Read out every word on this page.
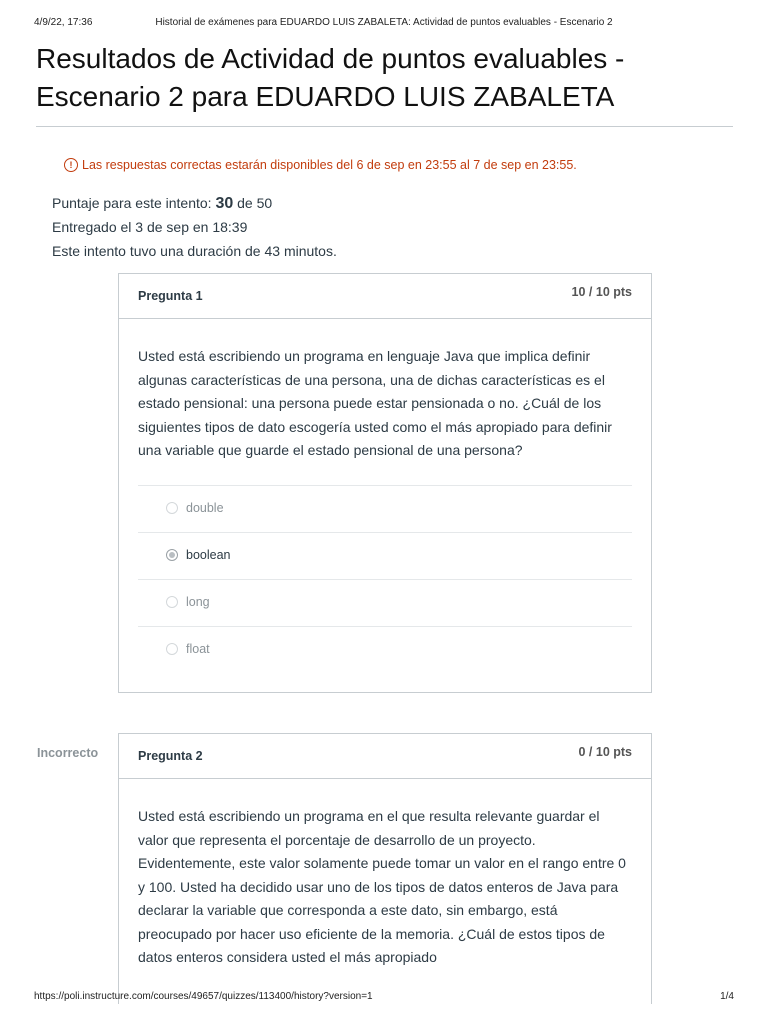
4/9/22, 17:36	Historial de exámenes para EDUARDO LUIS ZABALETA: Actividad de puntos evaluables - Escenario 2
Resultados de Actividad de puntos evaluables -
Escenario 2 para EDUARDO LUIS ZABALETA
! Las respuestas correctas estarán disponibles del 6 de sep en 23:55 al 7 de sep en 23:55.
Puntaje para este intento: 30 de 50
Entregado el 3 de sep en 18:39
Este intento tuvo una duración de 43 minutos.
Pregunta 1	10 / 10 pts

Usted está escribiendo un programa en lenguaje Java que implica definir algunas características de una persona, una de dichas características es el estado pensional: una persona puede estar pensionada o no. ¿Cuál de los siguientes tipos de dato escogería usted como el más apropiado para definir una variable que guarde el estado pensional de una persona?

double
boolean
long
float
Incorrecto	Pregunta 2	0 / 10 pts

Usted está escribiendo un programa en el que resulta relevante guardar el valor que representa el porcentaje de desarrollo de un proyecto. Evidentemente, este valor solamente puede tomar un valor en el rango entre 0 y 100. Usted ha decidido usar uno de los tipos de datos enteros de Java para declarar la variable que corresponda a este dato, sin embargo, está preocupado por hacer uso eficiente de la memoria. ¿Cuál de estos tipos de datos enteros considera usted el más apropiado

https://poli.instructure.com/courses/49657/quizzes/113400/history?version=1	1/4
